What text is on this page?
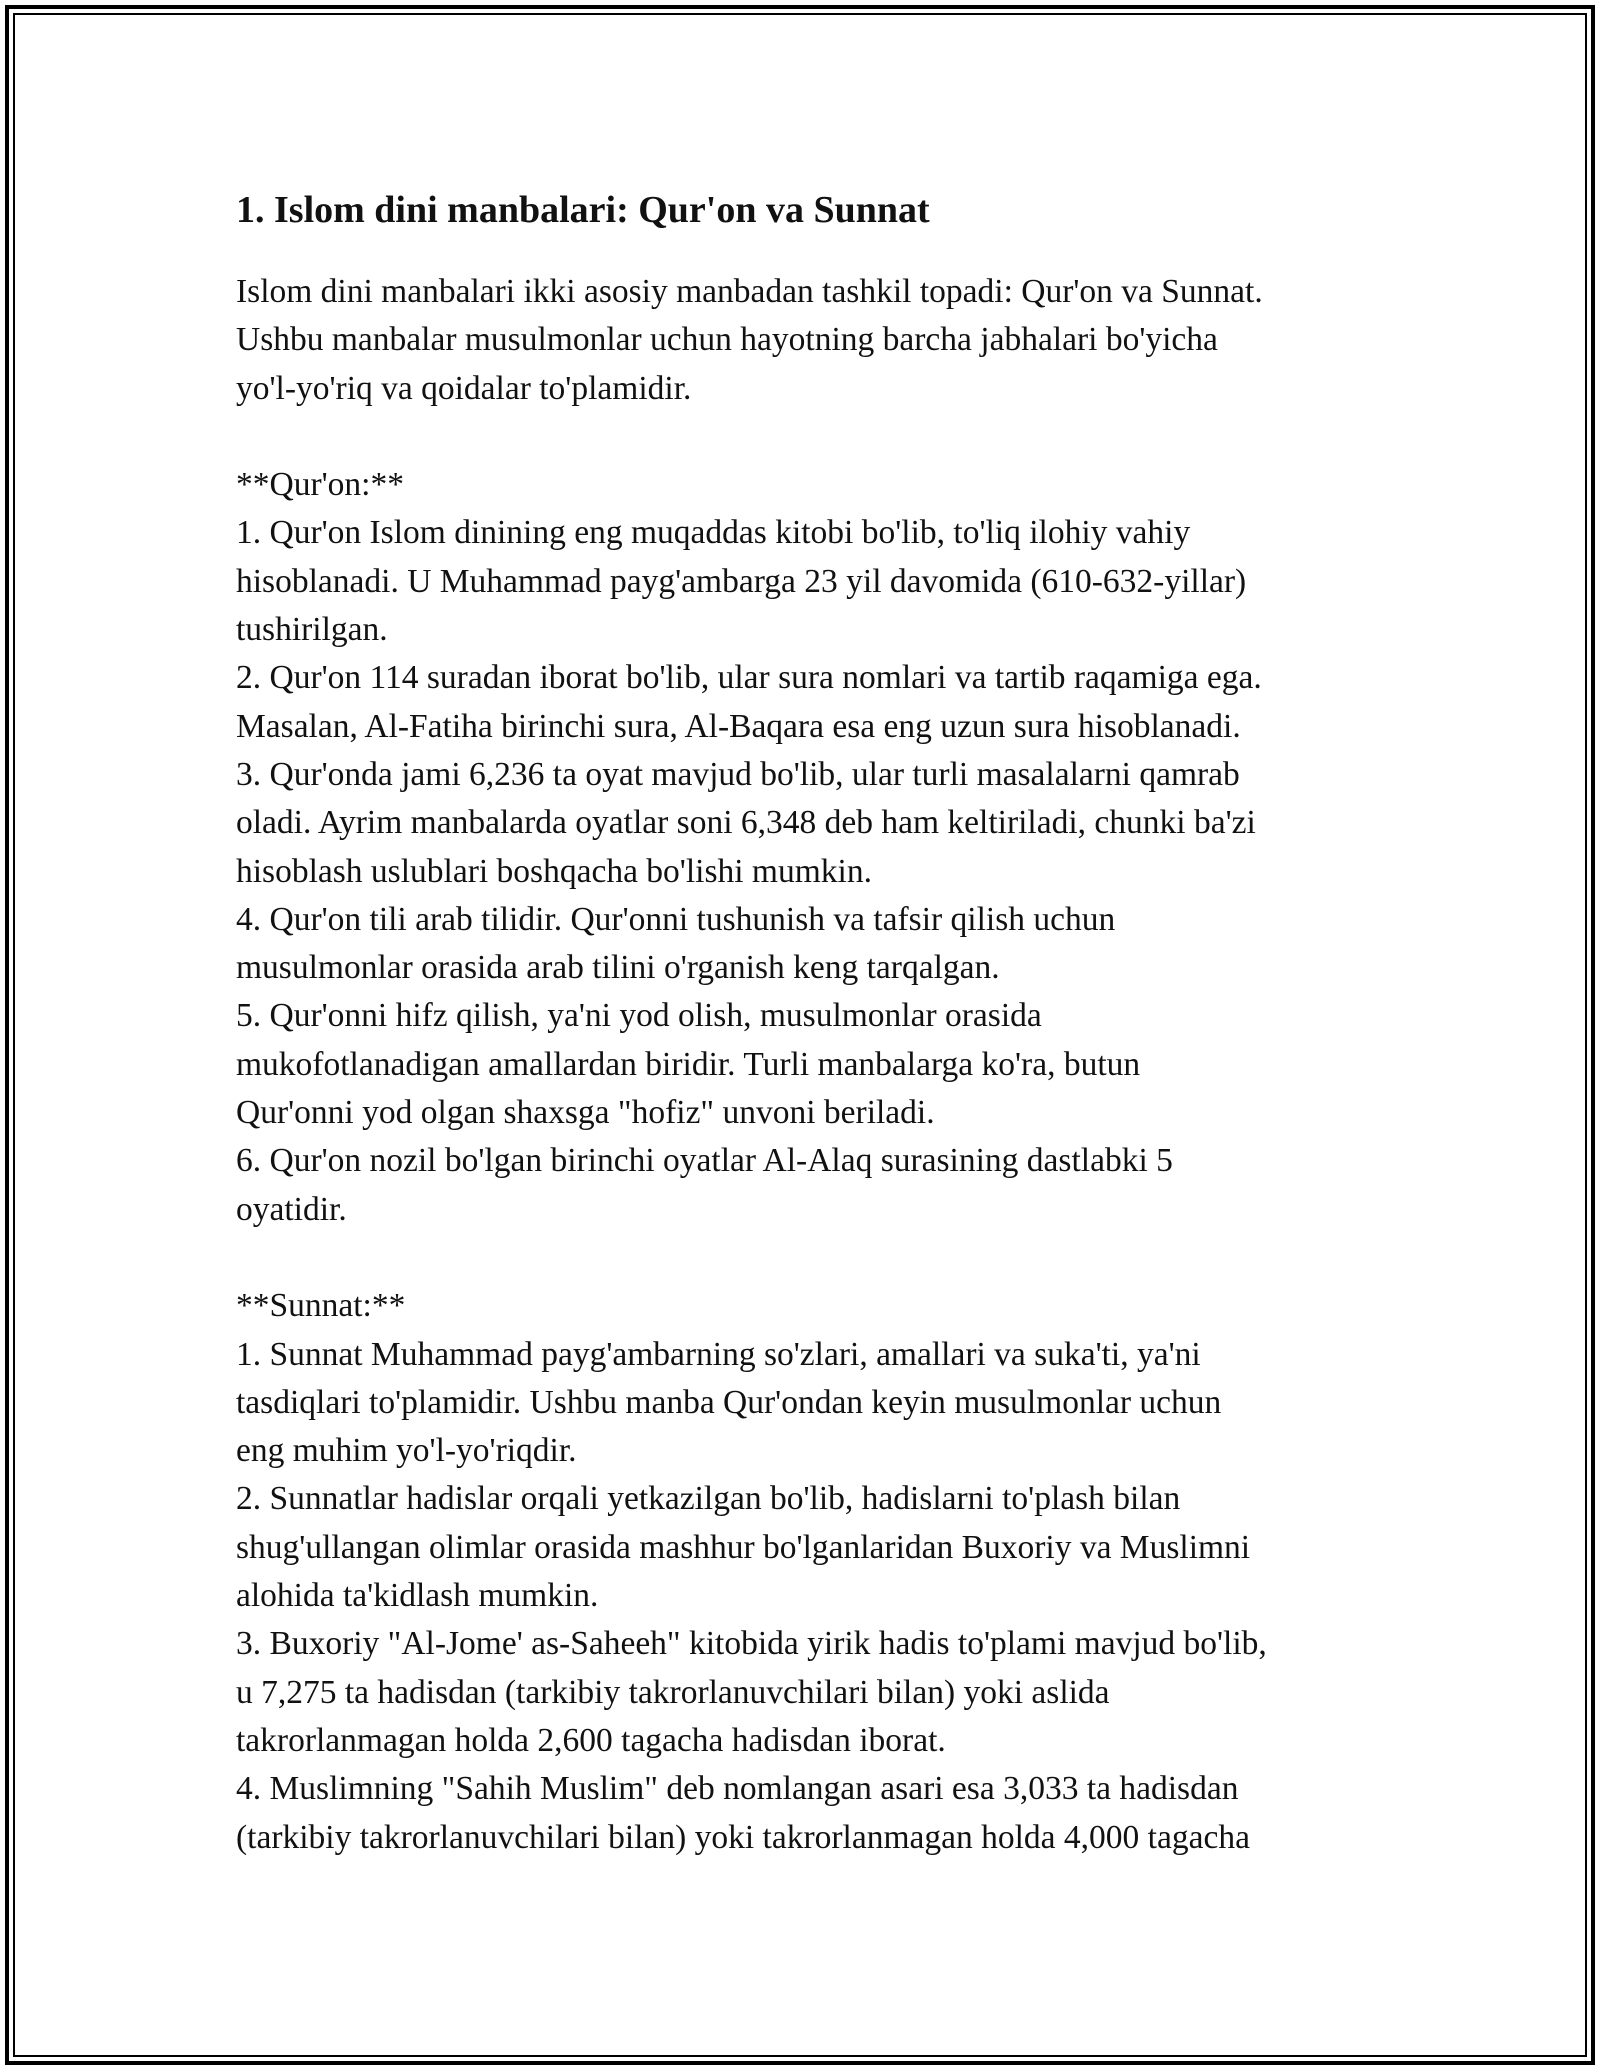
1. Islom dini manbalari: Qur'on va Sunnat
Islom dini manbalari ikki asosiy manbadan tashkil topadi: Qur'on va Sunnat.
Ushbu manbalar musulmonlar uchun hayotning barcha jabhalari bo'yicha
yo'l-yo'riq va qoidalar to'plamidir.
**Qur'on:**
1. Qur'on Islom dinining eng muqaddas kitobi bo'lib, to'liq ilohiy vahiy
hisoblanadi. U Muhammad payg'ambarga 23 yil davomida (610-632-yillar)
tushirilgan.
2. Qur'on 114 suradan iborat bo'lib, ular sura nomlari va tartib raqamiga ega.
Masalan, Al-Fatiha birinchi sura, Al-Baqara esa eng uzun sura hisoblanadi.
3. Qur'onda jami 6,236 ta oyat mavjud bo'lib, ular turli masalalarni qamrab
oladi. Ayrim manbalarda oyatlar soni 6,348 deb ham keltiriladi, chunki ba'zi
hisoblash uslublari boshqacha bo'lishi mumkin.
4. Qur'on tili arab tilidir. Qur'onni tushunish va tafsir qilish uchun
musulmonlar orasida arab tilini o'rganish keng tarqalgan.
5. Qur'onni hifz qilish, ya'ni yod olish, musulmonlar orasida
mukofotlanadigan amallardan biridir. Turli manbalarga ko'ra, butun
Qur'onni yod olgan shaxsga "hofiz" unvoni beriladi.
6. Qur'on nozil bo'lgan birinchi oyatlar Al-Alaq surasining dastlabki 5
oyatidir.
**Sunnat:**
1. Sunnat Muhammad payg'ambarning so'zlari, amallari va suka'ti, ya'ni
tasdiqlari to'plamidir. Ushbu manba Qur'ondan keyin musulmonlar uchun
eng muhim yo'l-yo'riqdir.
2. Sunnatlar hadislar orqali yetkazilgan bo'lib, hadislarni to'plash bilan
shug'ullangan olimlar orasida mashhur bo'lganlaridan Buxoriy va Muslimni
alohida ta'kidlash mumkin.
3. Buxoriy "Al-Jome' as-Saheeh" kitobida yirik hadis to'plami mavjud bo'lib,
u 7,275 ta hadisdan (tarkibiy takrorlanuvchilari bilan) yoki aslida
takrorlanmagan holda 2,600 tagacha hadisdan iborat.
4. Muslimning "Sahih Muslim" deb nomlangan asari esa 3,033 ta hadisdan
(tarkibiy takrorlanuvchilari bilan) yoki takrorlanmagan holda 4,000 tagacha
